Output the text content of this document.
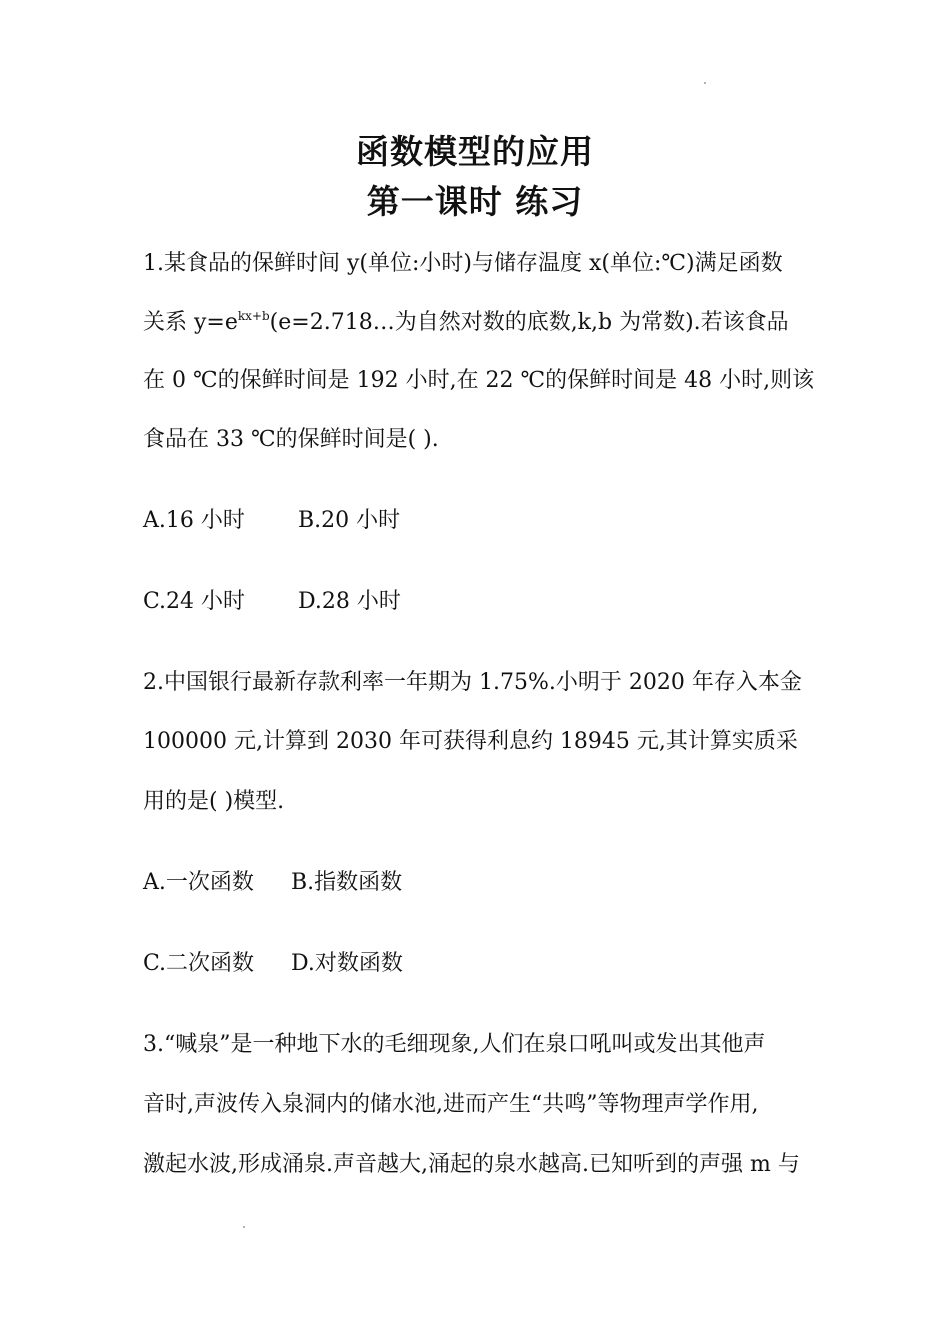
函数模型的应用
第一课时 练习
1.某食品的保鲜时间 y(单位:小时)与储存温度 x(单位:℃)满足函数
关系 $y=e^{kx+b}(e=2.718\dots$为自然对数的底数,k,b 为常数).若该食品
在 0 ℃的保鲜时间是 192 小时,在 22 ℃的保鲜时间是 48 小时,则该
食品在 33 ℃的保鲜时间是( ).
A.16 小时 B.20 小时
C.24 小时 D.28 小时
2.中国银行最新存款利率一年期为 1.75%.小明于 2020 年存入本金
100000 元,计算到 2030 年可获得利息约 18945 元,其计算实质采
用的是( )模型.
A.一次函数 B.指数函数
C.二次函数 D.对数函数
3.“喊泉”是一种地下水的毛细现象,人们在泉口吼叫或发出其他声
音时,声波传入泉洞内的储水池,进而产生“共鸣”等物理声学作用,
激起水波,形成涌泉.声音越大,涌起的泉水越高.已知听到的声强 m 与
